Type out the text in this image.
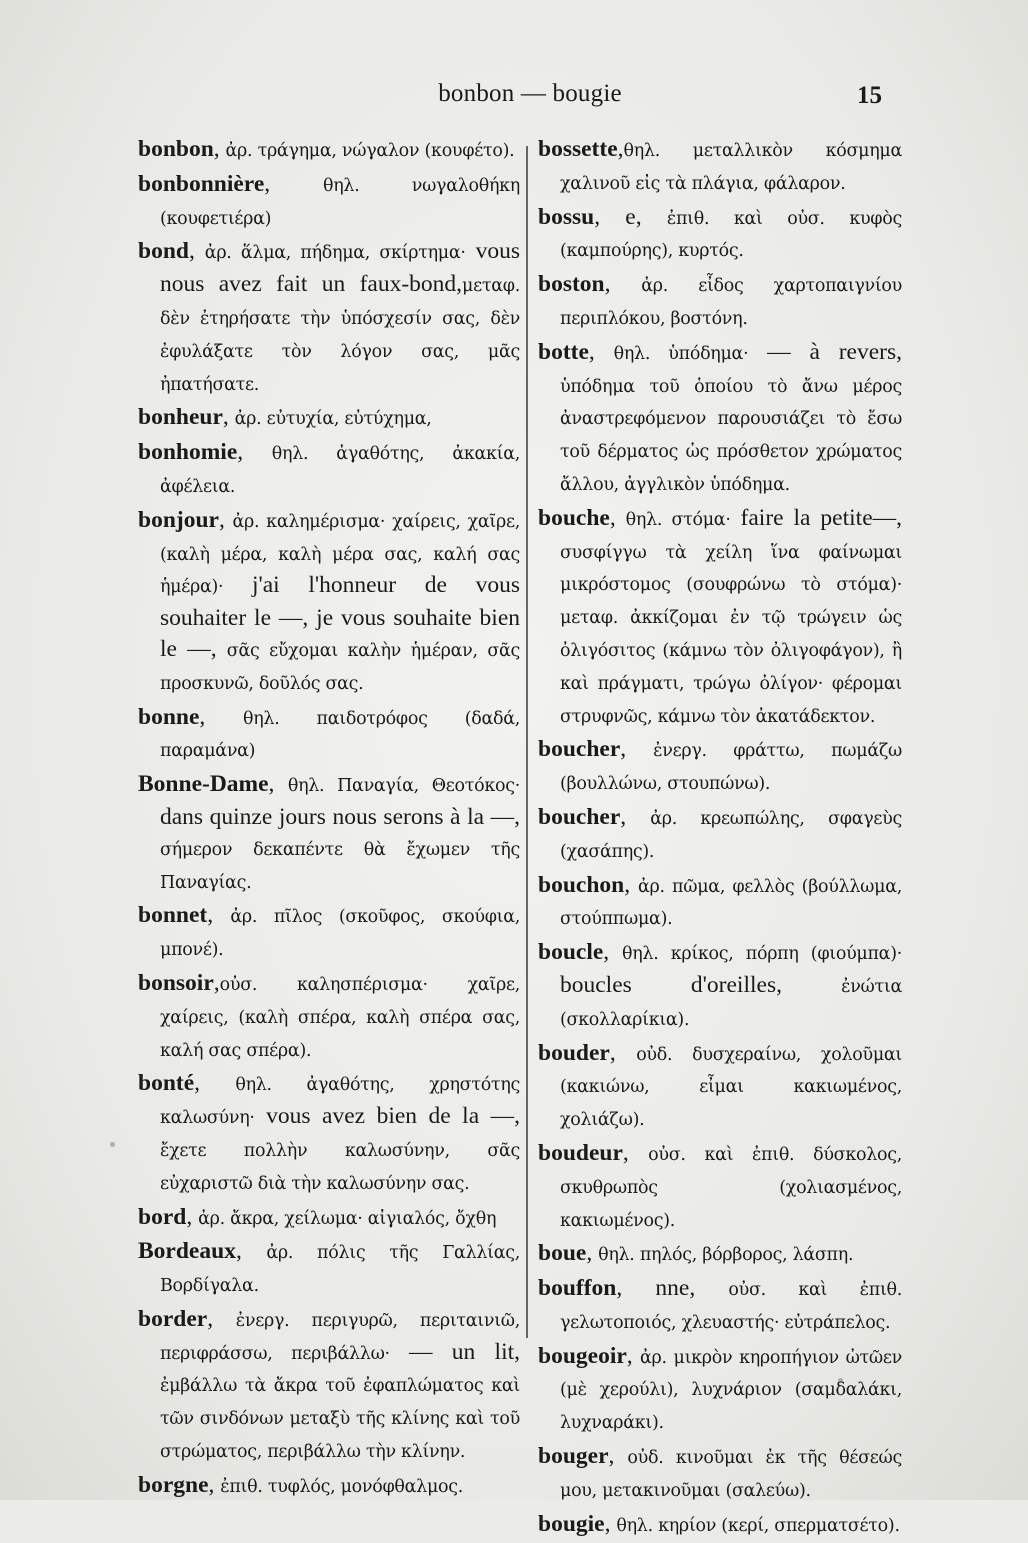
bonbon — bougie	15

bonbon, ἀρ. τράγημα, νώγαλον (κουφέτο).

bonbonnière, θηλ. νωγαλοθήκη (κουφετιέρα)

bond, ἀρ. ἅλμα, πήδημα, σκίρτημα· vous nous avez fait un faux-bond,μεταφ. δὲν ἐτηρήσατε τὴν ὑπόσχεσίν σας, δὲν ἐφυλάξατε τὸν λόγον σας, μᾶς ἠπατήσατε.

bonheur, ἀρ. εὐτυχία, εὐτύχημα,

bonhomie, θηλ. ἀγαθότης, ἀκακία, ἀφέλεια.

bonjour, ἀρ. καλημέρισμα· χαίρεις, χαῖρε, (καλὴ μέρα, καλὴ μέρα σας, καλή σας ἡμέρα)· j'ai l'honneur de vous souhaiter le —, je vous souhaite bien le —, σᾶς εὔχομαι καλὴν ἡμέραν, σᾶς προσκυνῶ, δοῦλός σας.

bonne, θηλ. παιδοτρόφος (δαδά, παραμάνα)

Bonne-Dame, θηλ. Παναγία, Θεοτόκος· dans quinze jours nous serons à la —, σήμερον δεκαπέντε θὰ ἔχωμεν τῆς Παναγίας.

bonnet, ἀρ. πῖλος (σκοῦφος, σκούφια, μπονέ).

bonsoir,οὐσ. καλησπέρισμα· χαῖρε, χαίρεις, (καλὴ σπέρα, καλὴ σπέρα σας, καλή σας σπέρα).

bonté, θηλ. ἀγαθότης, χρηστότης καλωσύνη· vous avez bien de la —, ἔχετε πολλὴν καλωσύνην, σᾶς εὐχαριστῶ διὰ τὴν καλωσύνην σας.

bord, ἀρ. ἄκρα, χείλωμα· αἰγιαλός, ὄχθη

Bordeaux, ἀρ. πόλις τῆς Γαλλίας, Βορδίγαλα.

border, ἐνεργ. περιγυρῶ, περιταινιῶ, περιφράσσω, περιβάλλω· — un lit, ἐμβάλλω τὰ ἄκρα τοῦ ἐφαπλώματος καὶ τῶν σινδόνων μεταξὺ τῆς κλίνης καὶ τοῦ στρώματος, περιβάλλω τὴν κλίνην.

borgne, ἐπιθ. τυφλός, μονόφθαλμος.

bossette,θηλ. μεταλλικὸν κόσμημα χαλινοῦ εἰς τὰ πλάγια, φάλαρον.

bossu, e, ἐπιθ. καὶ οὐσ. κυφὸς (καμπούρης), κυρτός.

boston, ἀρ. εἶδος χαρτοπαιγνίου περιπλόκου, βοστόνη.

botte, θηλ. ὑπόδημα· — à revers, ὑπόδημα τοῦ ὁποίου τὸ ἄνω μέρος ἀναστρεφόμενον παρουσιάζει τὸ ἔσω τοῦ δέρματος ὡς πρόσθετον χρώματος ἄλλου, ἀγγλικὸν ὑπόδημα.

bouche, θηλ. στόμα· faire la petite—, συσφίγγω τὰ χείλη ἵνα φαίνωμαι μικρόστομος (σουφρώνω τὸ στόμα)· μεταφ. ἀκκίζομαι ἐν τῷ τρώγειν ὡς ὀλιγόσιτος (κάμνω τὸν ὀλιγοφάγον), ἢ καὶ πράγματι, τρώγω ὀλίγον· φέρομαι στρυφνῶς, κάμνω τὸν ἀκατάδεκτον.

boucher, ἐνεργ. φράττω, πωμάζω (βουλλώνω, στουπώνω).

boucher, ἀρ. κρεωπώλης, σφαγεὺς (χασάπης).

bouchon, ἀρ. πῶμα, φελλὸς (βούλλωμα, στούππωμα).

boucle, θηλ. κρίκος, πόρπη (φιούμπα)· boucles d'oreilles, ἐνώτια (σκολλαρίκια).

bouder, οὐδ. δυσχεραίνω, χολοῦμαι (κακιώνω, εἶμαι κακιωμένος, χολιάζω).

boudeur, οὐσ. καὶ ἐπιθ. δύσκολος, σκυθρωπὸς (χολιασμένος, κακιωμένος).

boue, θηλ. πηλός, βόρβορος, λάσπη.

bouffon, nne, οὐσ. καὶ ἐπιθ. γελωτοποιός, χλευαστής· εὐτράπελος.

bougeoir, ἀρ. μικρὸν κηροπήγιον ὠτῶεν (μὲ χερούλι), λυχνάριον (σαμδαλάκι, λυχναράκι).

bouger, οὐδ. κινοῦμαι ἐκ τῆς θέσεώς μου, μετακινοῦμαι (σαλεύω).

bougie, θηλ. κηρίον (κερί, σπερματσέτο).
